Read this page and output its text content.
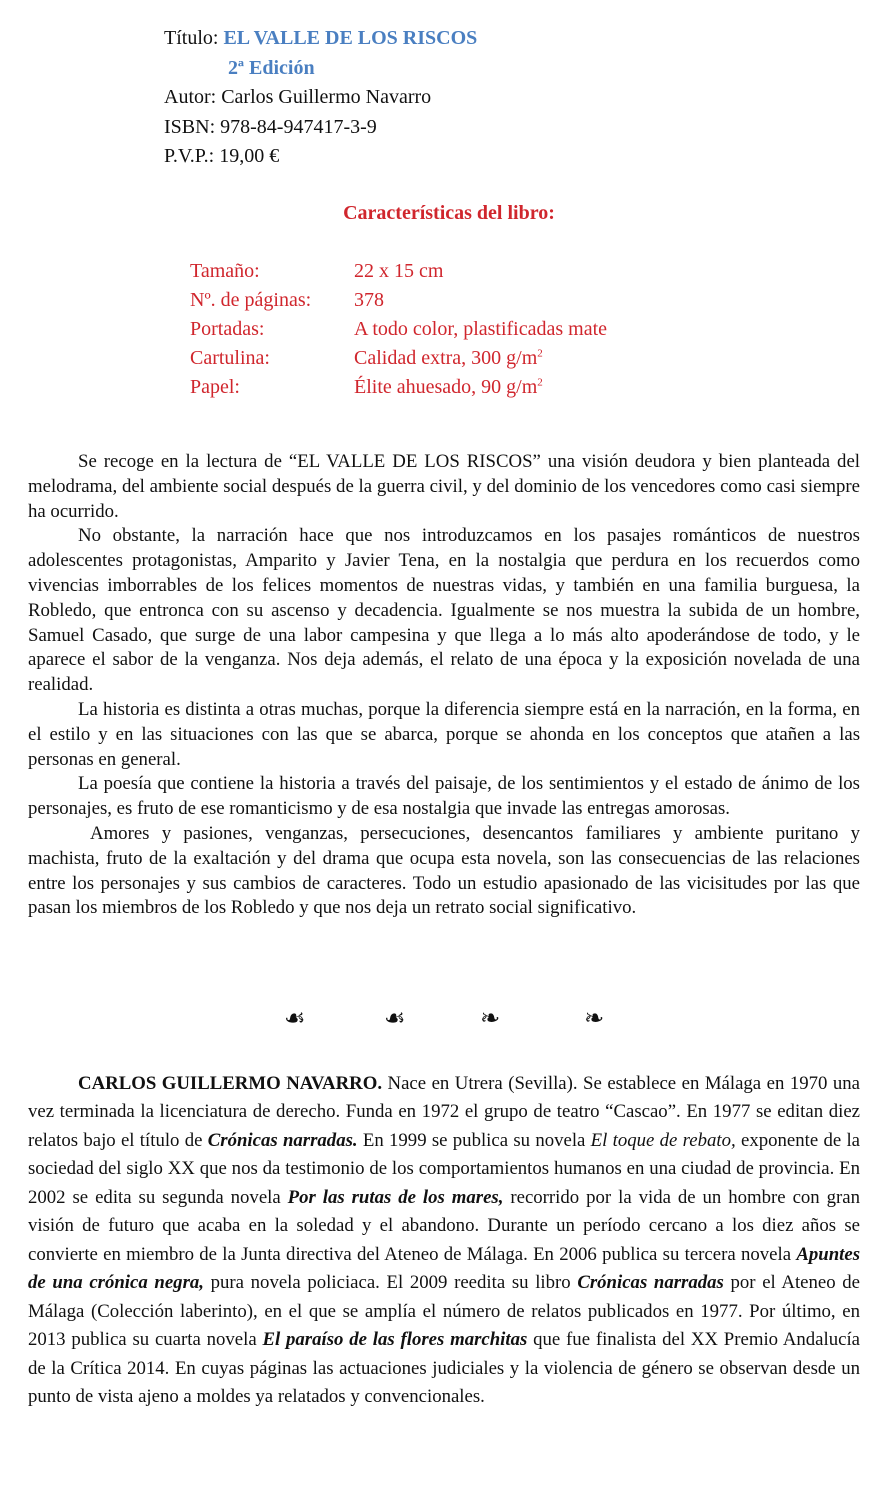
Título: EL VALLE DE LOS RISCOS
2ª Edición
Autor: Carlos Guillermo Navarro
ISBN: 978-84-947417-3-9
P.V.P.: 19,00 €
Características del libro:
Tamaño:	22 x 15 cm
Nº. de páginas:	378
Portadas:	A todo color, plastificadas mate
Cartulina:	Calidad extra, 300 $g/m^2$
Papel:	Élite ahuesado, 90 $g/m^2$

Se recoge en la lectura de “EL VALLE DE LOS RISCOS” una visión deudora y bien planteada del melodrama, del ambiente social después de la guerra civil, y del dominio de los vencedores como casi siempre ha ocurrido.

No obstante, la narración hace que nos introduzcamos en los pasajes románticos de nuestros adolescentes protagonistas, Amparito y Javier Tena, en la nostalgia que perdura en los recuerdos como vivencias imborrables de los felices momentos de nuestras vidas, y también en una familia burguesa, la Robledo, que entronca con su ascenso y decadencia. Igualmente se nos muestra la subida de un hombre, Samuel Casado, que surge de una labor campesina y que llega a lo más alto apoderándose de todo, y le aparece el sabor de la venganza. Nos deja además, el relato de una época y la exposición novelada de una realidad.

La historia es distinta a otras muchas, porque la diferencia siempre está en la narración, en la forma, en el estilo y en las situaciones con las que se abarca, porque se ahonda en los conceptos que atañen a las personas en general.

La poesía que contiene la historia a través del paisaje, de los sentimientos y el estado de ánimo de los personajes, es fruto de ese romanticismo y de esa nostalgia que invade las entregas amorosas.

Amores y pasiones, venganzas, persecuciones, desencantos familiares y ambiente puritano y machista, fruto de la exaltación y del drama que ocupa esta novela, son las consecuencias de las relaciones entre los personajes y sus cambios de caracteres. Todo un estudio apasionado de las vicisitudes por las que pasan los miembros de los Robledo y que nos deja un retrato social significativo.

☙	☙	❧	❧

CARLOS GUILLERMO NAVARRO. Nace en Utrera (Sevilla). Se establece en Málaga en 1970 una vez terminada la licenciatura de derecho. Funda en 1972 el grupo de teatro “Cascao”. En 1977 se editan diez relatos bajo el título de Crónicas narradas. En 1999 se publica su novela El toque de rebato, exponente de la sociedad del siglo XX que nos da testimonio de los comportamientos humanos en una ciudad de provincia. En 2002 se edita su segunda novela Por las rutas de los mares, recorrido por la vida de un hombre con gran visión de futuro que acaba en la soledad y el abandono. Durante un período cercano a los diez años se convierte en miembro de la Junta directiva del Ateneo de Málaga. En 2006 publica su tercera novela Apuntes de una crónica negra, pura novela policiaca. El 2009 reedita su libro Crónicas narradas por el Ateneo de Málaga (Colección laberinto), en el que se amplía el número de relatos publicados en 1977. Por último, en 2013 publica su cuarta novela El paraíso de las flores marchitas que fue finalista del XX Premio Andalucía de la Crítica 2014. En cuyas páginas las actuaciones judiciales y la violencia de género se observan desde un punto de vista ajeno a moldes ya relatados y convencionales.
